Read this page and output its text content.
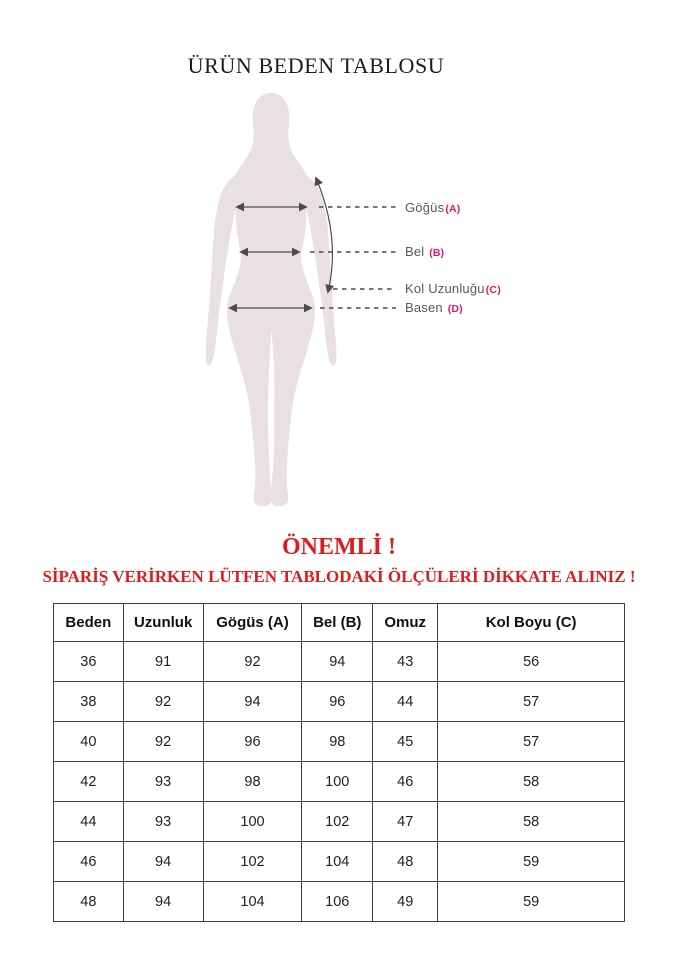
ÜRÜN BEDEN TABLOSU
Göğüs(A)
Bel (B)
Kol Uzunluğu(C)
Basen (D)
ÖNEMLİ !
SİPARİŞ VERİRKEN LÜTFEN TABLODAKİ ÖLÇÜLERİ DİKKATE ALINIZ !
Beden	Uzunluk	Gögüs (A)	Bel (B)	Omuz	Kol Boyu (C)
36	91	92	94	43	56
38	92	94	96	44	57
40	92	96	98	45	57
42	93	98	100	46	58
44	93	100	102	47	58
46	94	102	104	48	59
48	94	104	106	49	59
